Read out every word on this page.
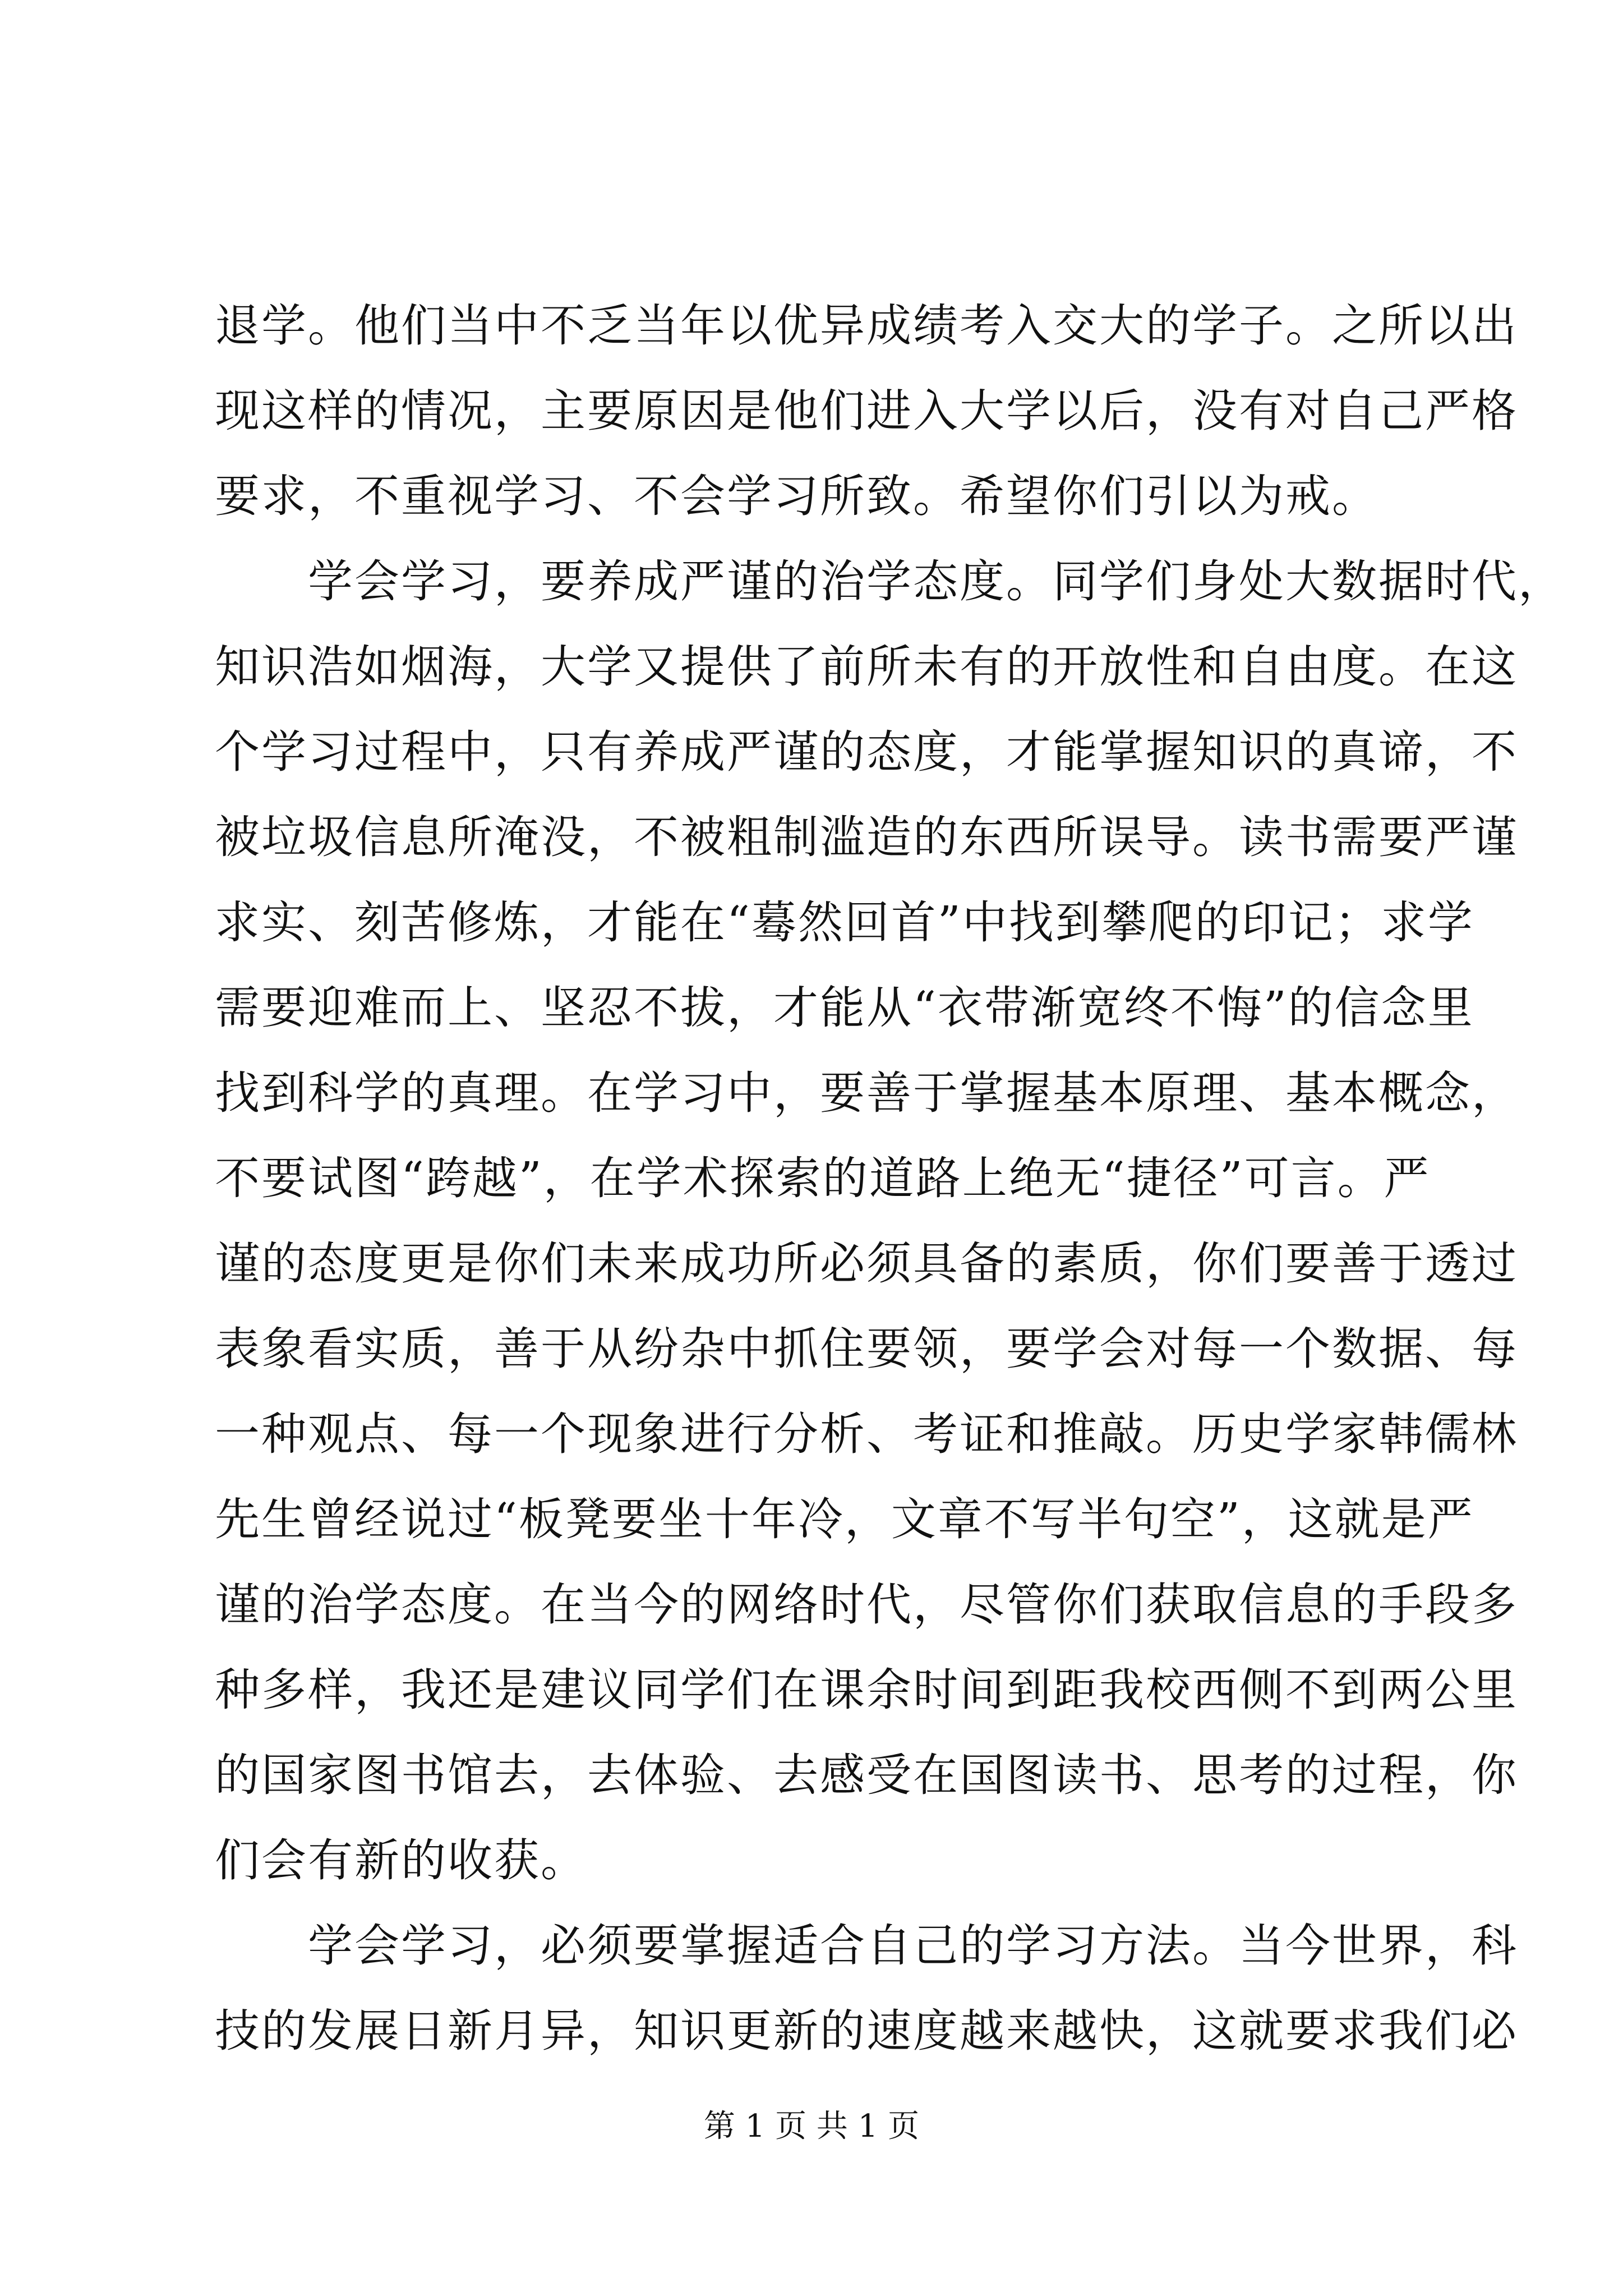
退学。他们当中不乏当年以优异成绩考入交大的学子。之所以出
现这样的情况，主要原因是他们进入大学以后，没有对自己严格
要求，不重视学习、不会学习所致。希望你们引以为戒。
　　学会学习，要养成严谨的治学态度。同学们身处大数据时代，
知识浩如烟海，大学又提供了前所未有的开放性和自由度。在这
个学习过程中，只有养成严谨的态度，才能掌握知识的真谛，不
被垃圾信息所淹没，不被粗制滥造的东西所误导。读书需要严谨
求实、刻苦修炼，才能在“蓦然回首”中找到攀爬的印记；求学
需要迎难而上、坚忍不拔，才能从“衣带渐宽终不悔”的信念里
找到科学的真理。在学习中，要善于掌握基本原理、基本概念，
不要试图“跨越”，在学术探索的道路上绝无“捷径”可言。严
谨的态度更是你们未来成功所必须具备的素质，你们要善于透过
表象看实质，善于从纷杂中抓住要领，要学会对每一个数据、每
一种观点、每一个现象进行分析、考证和推敲。历史学家韩儒林
先生曾经说过“板凳要坐十年冷，文章不写半句空”，这就是严
谨的治学态度。在当今的网络时代，尽管你们获取信息的手段多
种多样，我还是建议同学们在课余时间到距我校西侧不到两公里
的国家图书馆去，去体验、去感受在国图读书、思考的过程，你
们会有新的收获。
　　学会学习，必须要掌握适合自己的学习方法。当今世界，科
技的发展日新月异，知识更新的速度越来越快，这就要求我们必
第 1 页 共 1 页
